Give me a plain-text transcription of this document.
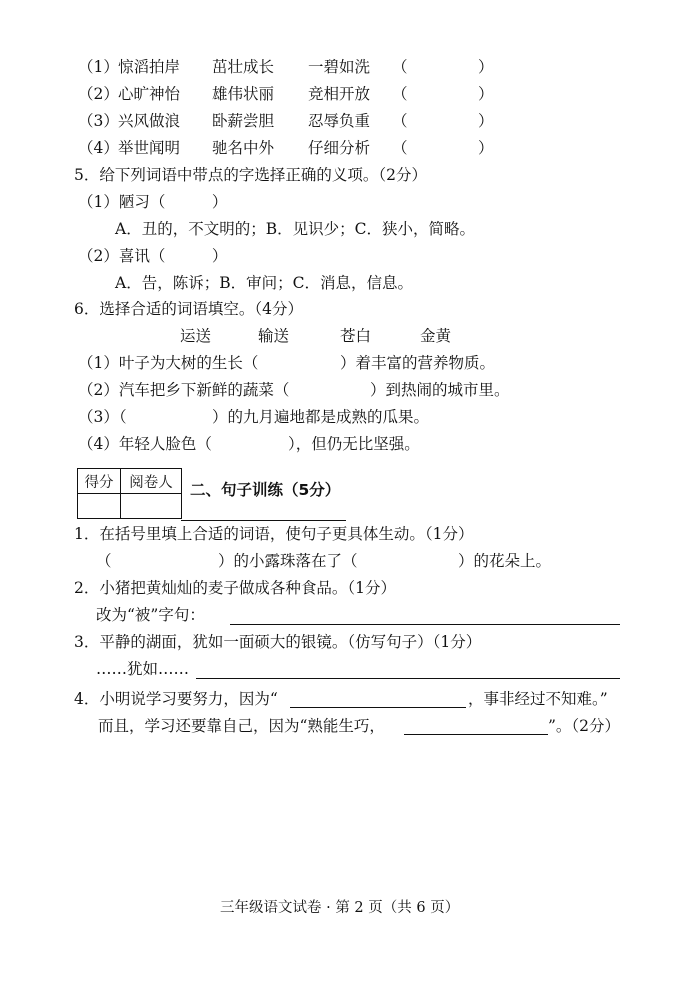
（1） 惊滔拍岸 茁壮成长 一碧如洗 （	）
（2） 心旷神怡 雄伟状丽 竞相开放 （	）
（3） 兴风做浪 卧薪尝胆 忍辱负重 （	）
（4） 举世闻明 驰名中外 仔细分析 （	）
5．给下列词语中带点的字选择正确的义项。（2分）
（1）陋习（　　　）
A．丑的，不文明的；B．见识少；C．狭小，简略。
（2）喜讯（　　　）
A．告，陈诉；B．审问；C．消息，信息。
6．选择合适的词语填空。（4分）
运送	输送	苍白	金黄
（1）叶子为大树的生长（	）着丰富的营养物质。
（2）汽车把乡下新鲜的蔬菜（	）到热闹的城市里。
（3）（	）的九月遍地都是成熟的瓜果。
（4）年轻人脸色（	），但仍无比坚强。
得分	阅卷人
	二、句子训练（5分）
1．在括号里填上合适的词语，使句子更具体生动。（1分）
（	）的小露珠落在了（	）的花朵上。
2．小猪把黄灿灿的麦子做成各种食品。（1分）
改为“被”字句：
3．平静的湖面，犹如一面硕大的银镜。（仿写句子）（1分）
……犹如……
4．小明说学习要努力，因为“	，事非经过不知难。”
而且，学习还要靠自己，因为“熟能生巧，	”。（2分）
三年级语文试卷 · 第 2 页（共 6 页）
